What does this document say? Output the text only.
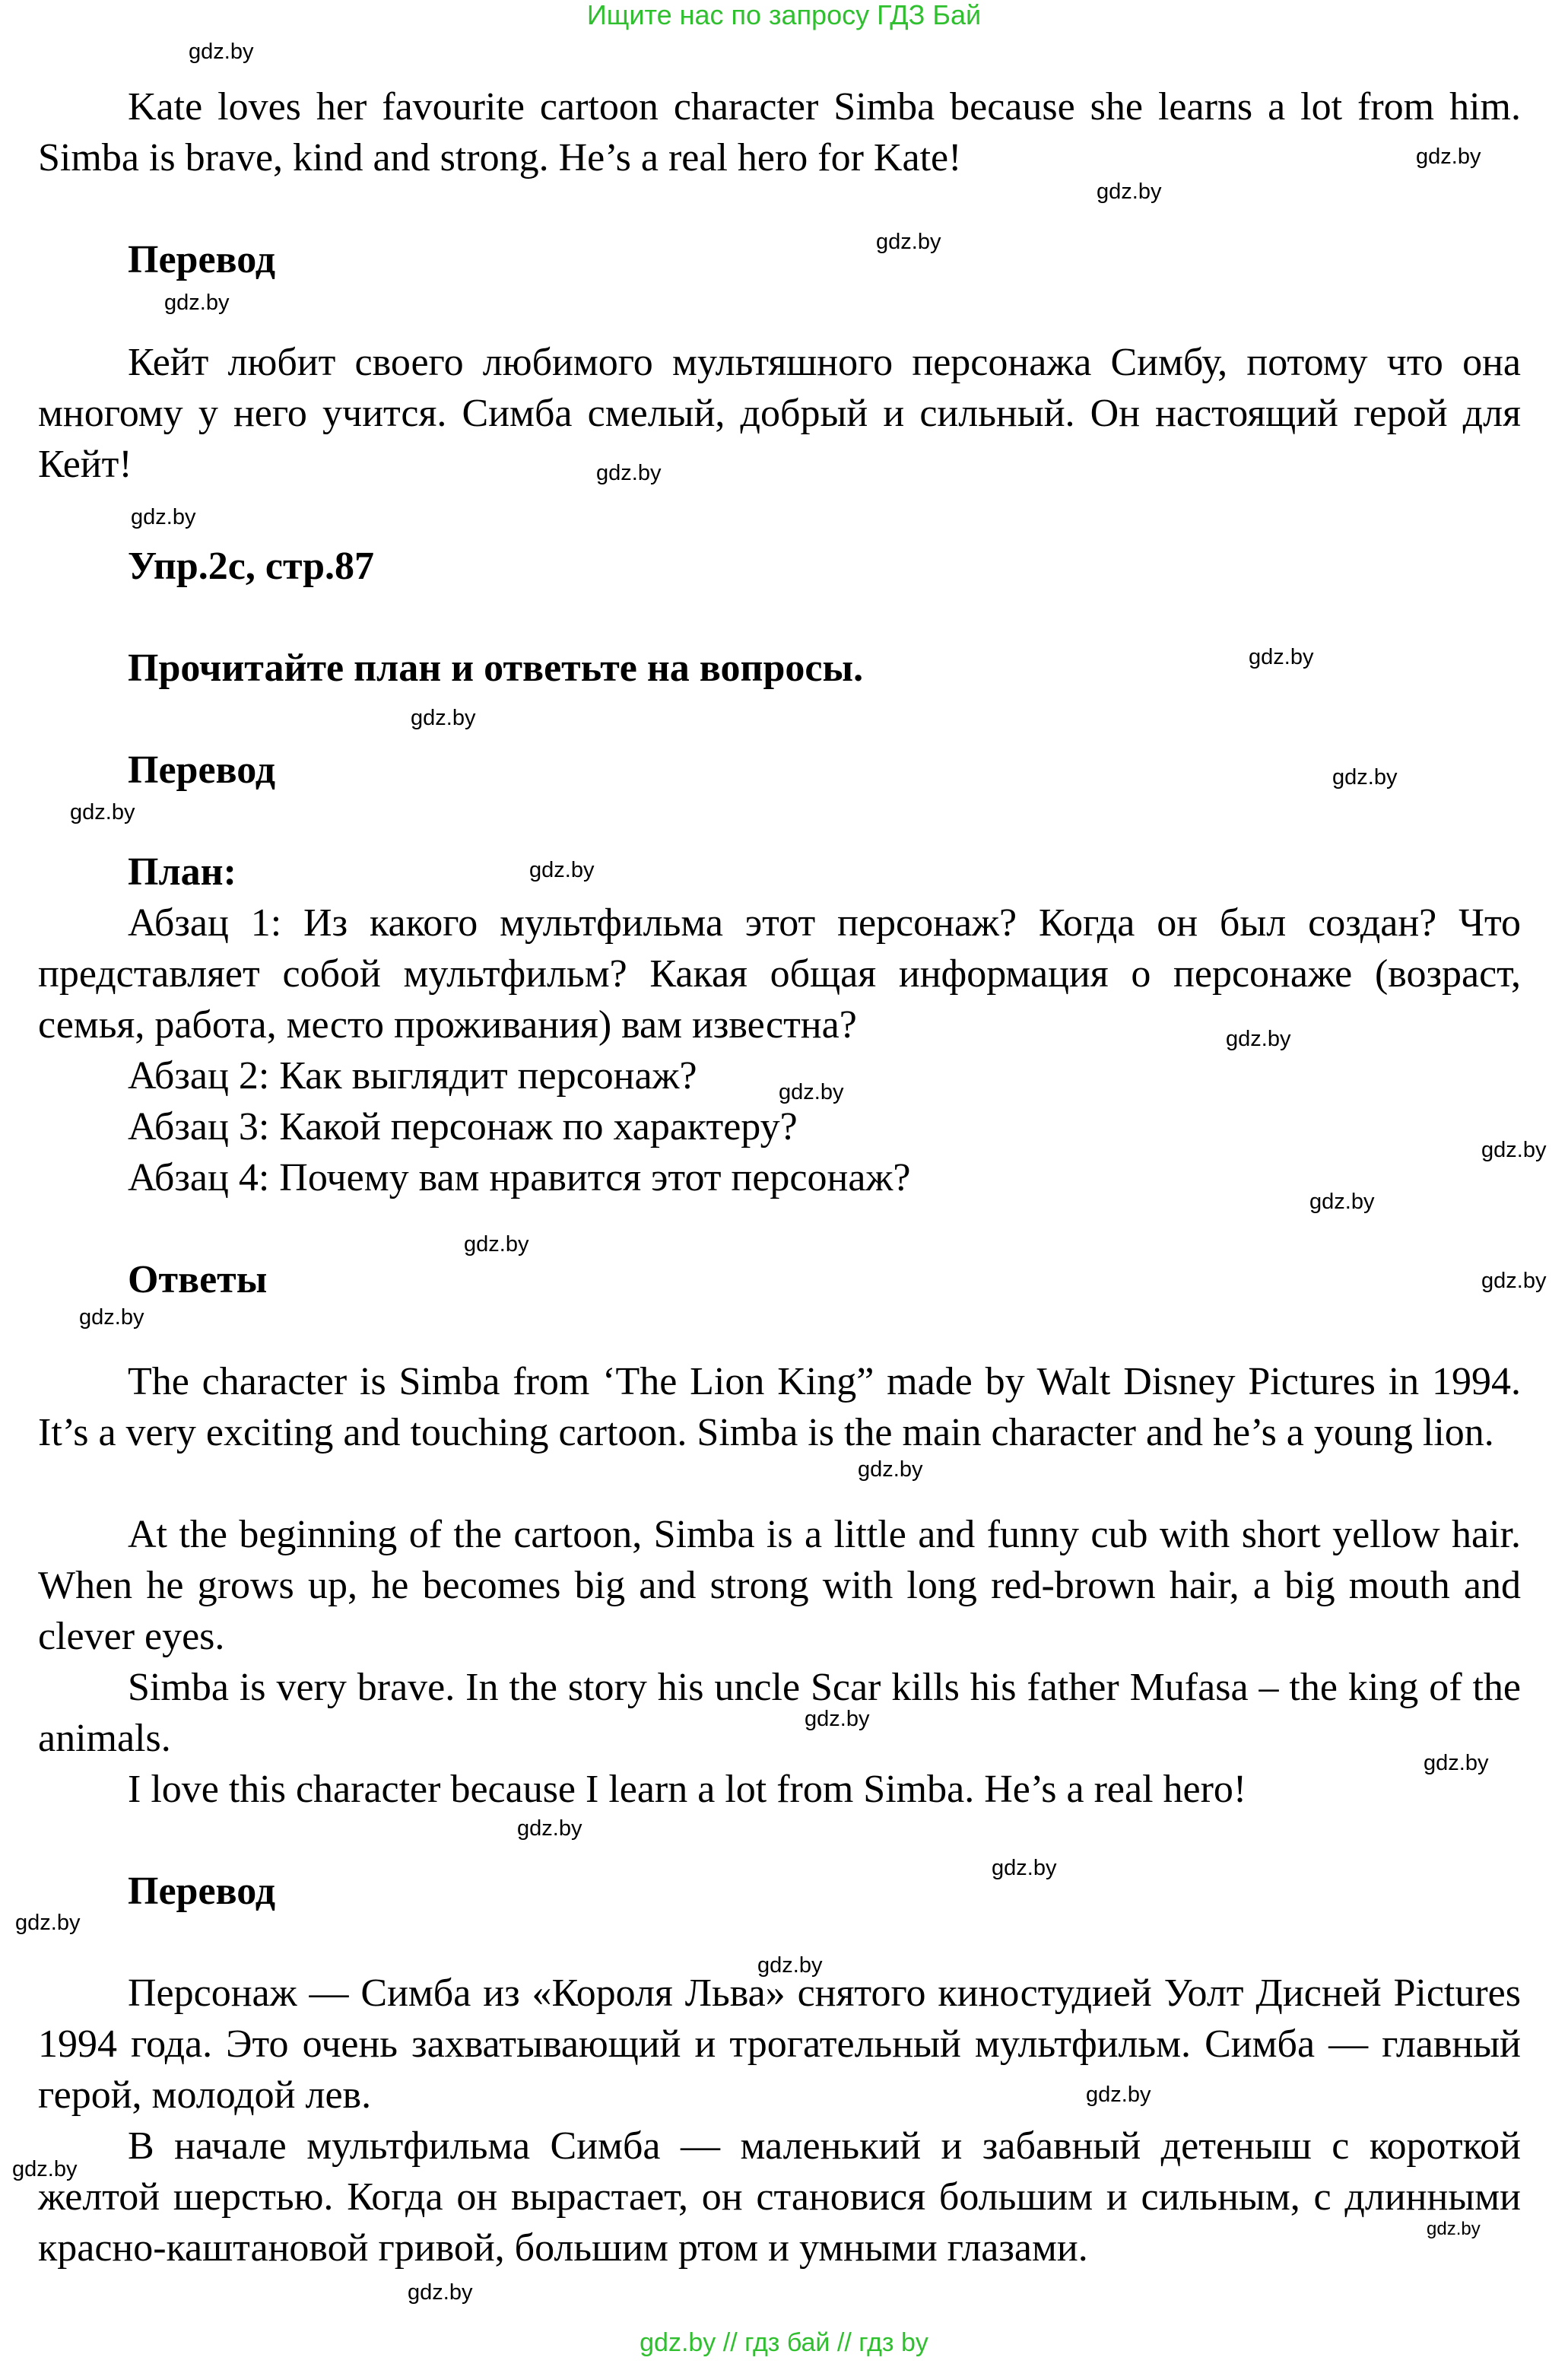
Ищите нас по запросу ГДЗ Бай

Kate loves her favourite cartoon character Simba because she learns a lot from him. Simba is brave, kind and strong. He’s a real hero for Kate!

Перевод

Кейт любит своего любимого мультяшного персонажа Симбу, потому что она многому у него учится. Симба смелый, добрый и сильный. Он настоящий герой для Кейт!

Упр.2с, стр.87
Прочитайте план и ответьте на вопросы.
Перевод
План:

Абзац 1: Из какого мультфильма этот персонаж? Когда он был создан? Что представляет собой мультфильм? Какая общая информация о персонаже (возраст, семья, работа, место проживания) вам известна?

Абзац 2: Как выглядит персонаж?
Абзац 3: Какой персонаж по характеру?
Абзац 4: Почему вам нравится этот персонаж?
Ответы

The character is Simba from ‘The Lion King” made by Walt Disney Pictures in 1994. It’s a very exciting and touching cartoon. Simba is the main character and he’s a young lion.

At the beginning of the cartoon, Simba is a little and funny cub with short yellow hair. When he grows up, he becomes big and strong with long red-brown hair, a big mouth and clever eyes.

Simba is very brave. In the story his uncle Scar kills his father Mufasa – the king of the animals.

I love this character because I learn a lot from Simba. He’s a real hero!
Перевод

Персонаж — Симба из «Короля Льва» снятого киностудией Уолт Дисней Pictures 1994 года. Это очень захватывающий и трогательный мультфильм. Симба — главный герой, молодой лев.

В начале мультфильма Симба — маленький и забавный детеныш с короткой желтой шерстью. Когда он вырастает, он становися большим и сильным, с длинными красно-каштановой гривой, большим ртом и умными глазами.

gdz.by
gdz.by
gdz.by
gdz.by
gdz.by
gdz.by
gdz.by
gdz.by
gdz.by
gdz.by
gdz.by
gdz.by
gdz.by
gdz.by
gdz.by
gdz.by
gdz.by
gdz.by
gdz.by
gdz.by
gdz.by
gdz.by
gdz.by
gdz.by
gdz.by
gdz.by
gdz.by
gdz.by
gdz.by
gdz.by
gdz.by // гдз бай // гдз by
